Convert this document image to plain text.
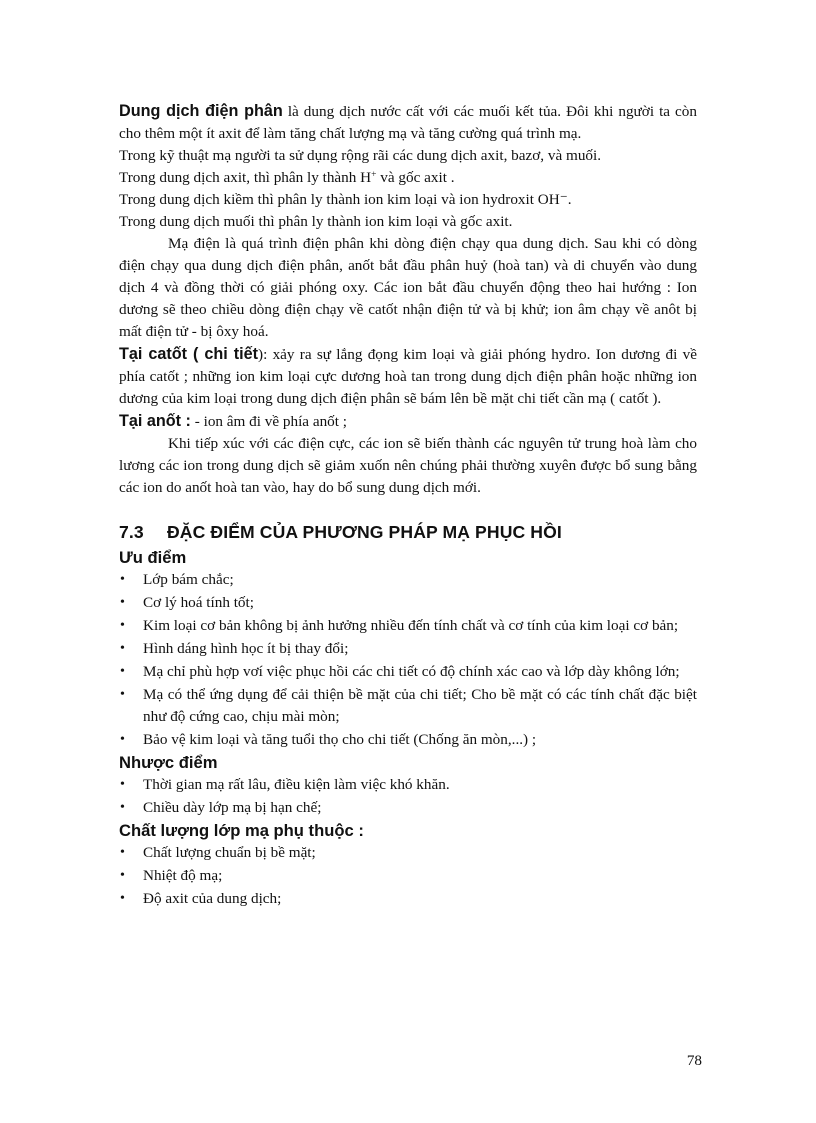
Dung dịch điện phân là dung dịch nước cất với các muối kết tủa. Đôi khi người ta còn cho thêm một ít axit để làm tăng chất lượng mạ và tăng cường quá trình mạ.

Trong kỹ thuật mạ người ta sử dụng rộng rãi các dung dịch axit, bazơ, và muối.

Trong dung dịch axit, thì phân ly thành H+ và gốc axit .

Trong dung dịch kiềm thì phân ly thành ion kim loại và ion hydroxit OH⁻.

Trong dung dịch muối thì phân ly thành ion kim loại và gốc axit.

Mạ điện là quá trình điện phân khi dòng điện chạy qua dung dịch. Sau khi có dòng điện chạy qua dung dịch điện phân, anốt bắt đầu phân huỷ (hoà tan) và di chuyển vào dung dịch 4 và đồng thời có giải phóng oxy. Các ion bắt đầu chuyển động theo hai hướng : Ion dương sẽ theo chiều dòng điện chạy về catốt nhận điện tử và bị khử; ion âm chạy về anôt bị mất điện tử - bị ôxy hoá.

Tại catốt ( chi tiết): xảy ra sự lắng đọng kim loại và giải phóng hydro. Ion dương đi về phía catốt ; những ion kim loại cực dương hoà tan trong dung dịch điện phân hoặc những ion dương của kim loại trong dung dịch điện phân sẽ bám lên bề mặt chi tiết cần mạ ( catốt ).

Tại anốt : - ion âm đi về phía anốt ;

Khi tiếp xúc với các điện cực, các ion sẽ biến thành các nguyên tử trung hoà làm cho lương các ion trong dung dịch sẽ giảm xuốn nên chúng phải thường xuyên được bổ sung bằng các ion do anốt hoà tan vào, hay do bổ sung dung dịch mới.

7.3 ĐẶC ĐIỂM CỦA PHƯƠNG PHÁP MẠ PHỤC HỒI

Ưu điểm

• Lớp bám chắc;
• Cơ lý hoá tính tốt;
• Kim loại cơ bản không bị ảnh hưởng nhiều đến tính chất và cơ tính của kim loại cơ bản;
• Hình dáng hình học ít bị thay đổi;
• Mạ chỉ phù hợp vơí việc phục hồi các chi tiết có độ chính xác cao và lớp dày không lớn;
• Mạ có thể ứng dụng để cải thiện bề mặt của chi tiết; Cho bề mặt có các tính chất đặc biệt như độ cứng cao, chịu mài mòn;
• Bảo vệ kim loại và tăng tuổi thọ cho chi tiết (Chống ăn mòn,...) ;

Nhược điểm

• Thời gian mạ rất lâu, điều kiện làm việc khó khăn.
• Chiều dày lớp mạ bị hạn chế;

Chất lượng lớp mạ phụ thuộc :

• Chất lượng chuẩn bị bề mặt;
• Nhiệt độ mạ;
• Độ axit của dung dịch;
78
